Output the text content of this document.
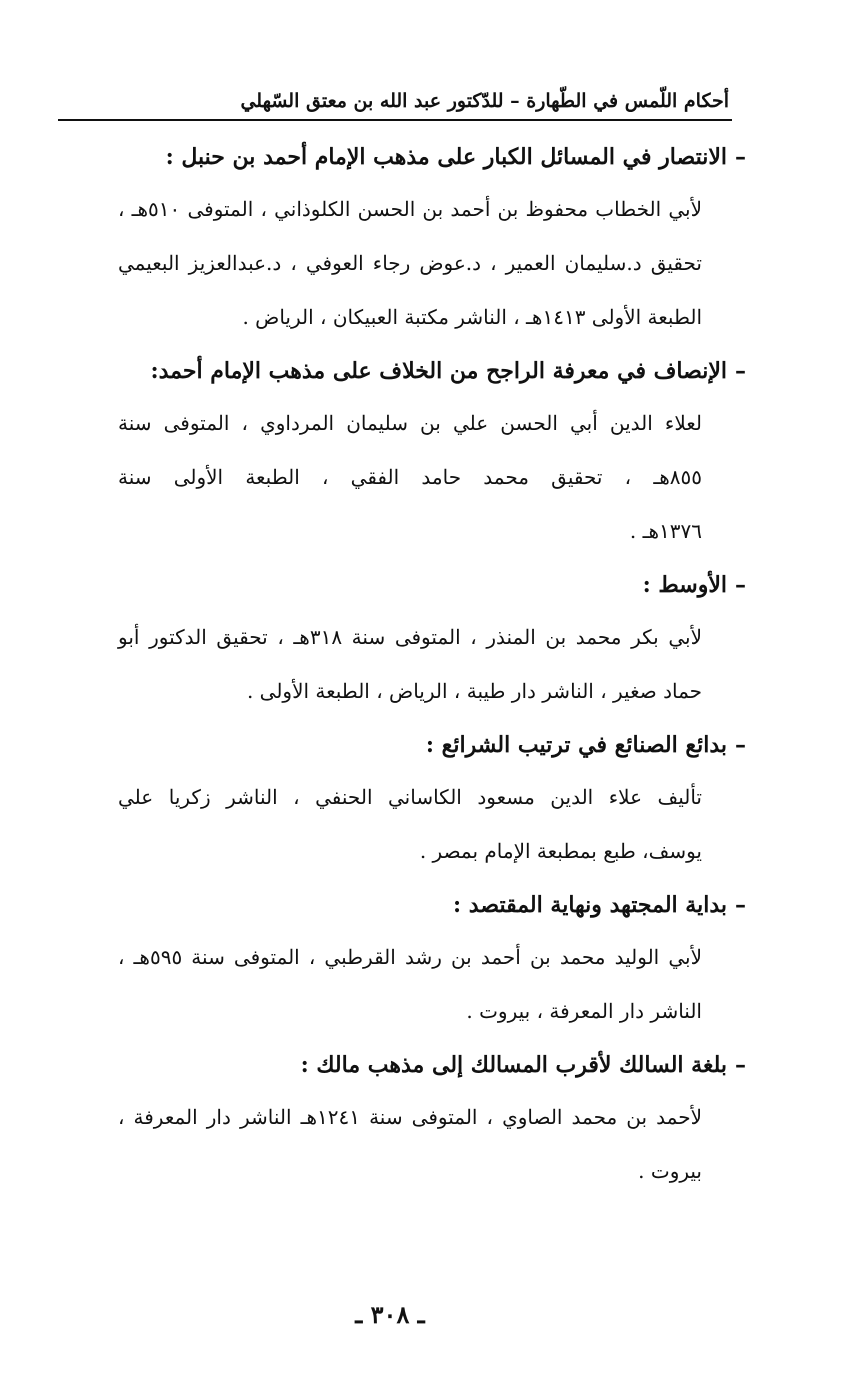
أحكام اللّمس في الطّهارة – للدّكتور عبد الله بن معتق السّهلي

–الانتصار في المسائل الكبار على مذهب الإمام أحمد بن حنبل :

لأبي الخطاب محفوظ بن أحمد بن الحسن الكلوذاني ، المتوفى ٥١٠هـ ،

تحقيق د.سليمان العمير ، د.عوض رجاء العوفي ، د.عبدالعزيز البعيمي

الطبعة الأولى ١٤١٣هـ ، الناشر مكتبة العبيكان ، الرياض .

–الإنصاف في معرفة الراجح من الخلاف على مذهب الإمام أحمد:

لعلاء الدين أبي الحسن علي بن سليمان المرداوي ، المتوفى سنة

٨٥٥هـ ، تحقيق محمد حامد الفقي ، الطبعة الأولى سنة

١٣٧٦هـ .

–الأوسط :

لأبي بكر محمد بن المنذر ، المتوفى سنة ٣١٨هـ ، تحقيق الدكتور أبو

حماد صغير ، الناشر دار طيبة ، الرياض ، الطبعة الأولى .

–بدائع الصنائع في ترتيب الشرائع :

تأليف علاء الدين مسعود الكاساني الحنفي ، الناشر زكريا علي

يوسف، طبع بمطبعة الإمام بمصر .

–بداية المجتهد ونهاية المقتصد :

لأبي الوليد محمد بن أحمد بن رشد القرطبي ، المتوفى سنة ٥٩٥هـ ،

الناشر دار المعرفة ، بيروت .

–بلغة السالك لأقرب المسالك إلى مذهب مالك :

لأحمد بن محمد الصاوي ، المتوفى سنة ١٢٤١هـ الناشر دار المعرفة ،

بيروت .

ـ ٣٠٨ ـ
